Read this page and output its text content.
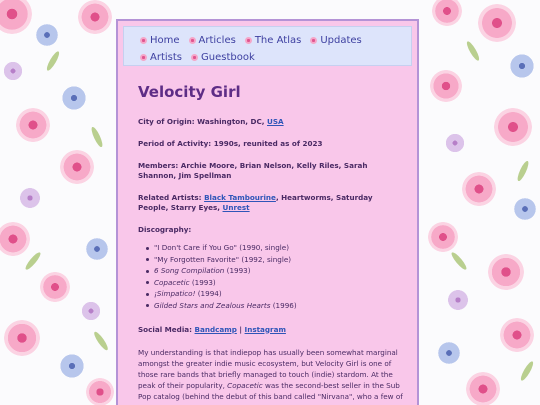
Home Articles The Atlas Updates
Artists Guestbook
Velocity Girl

City of Origin: Washington, DC, USA

Period of Activity: 1990s, reunited as of 2023

Members: Archie Moore, Brian Nelson, Kelly Riles, Sarah Shannon, Jim Spellman

Related Artists: Black Tambourine, Heartworms, Saturday People, Starry Eyes, Unrest

Discography:

"I Don't Care if You Go" (1990, single)
"My Forgotten Favorite" (1992, single)
6 Song Compilation (1993)
Copacetic (1993)
¡Simpatico! (1994)
Gilded Stars and Zealous Hearts (1996)

Social Media: Bandcamp | Instagram

My understanding is that indiepop has usually been somewhat marginal amongst the greater indie music ecosystem, but Velocity Girl is one of those rare bands that briefly managed to touch (indie) stardom. At the peak of their popularity, Copacetic was the second-best seller in the Sub Pop catalog (behind the debut of this band called "Nirvana", who a few of
